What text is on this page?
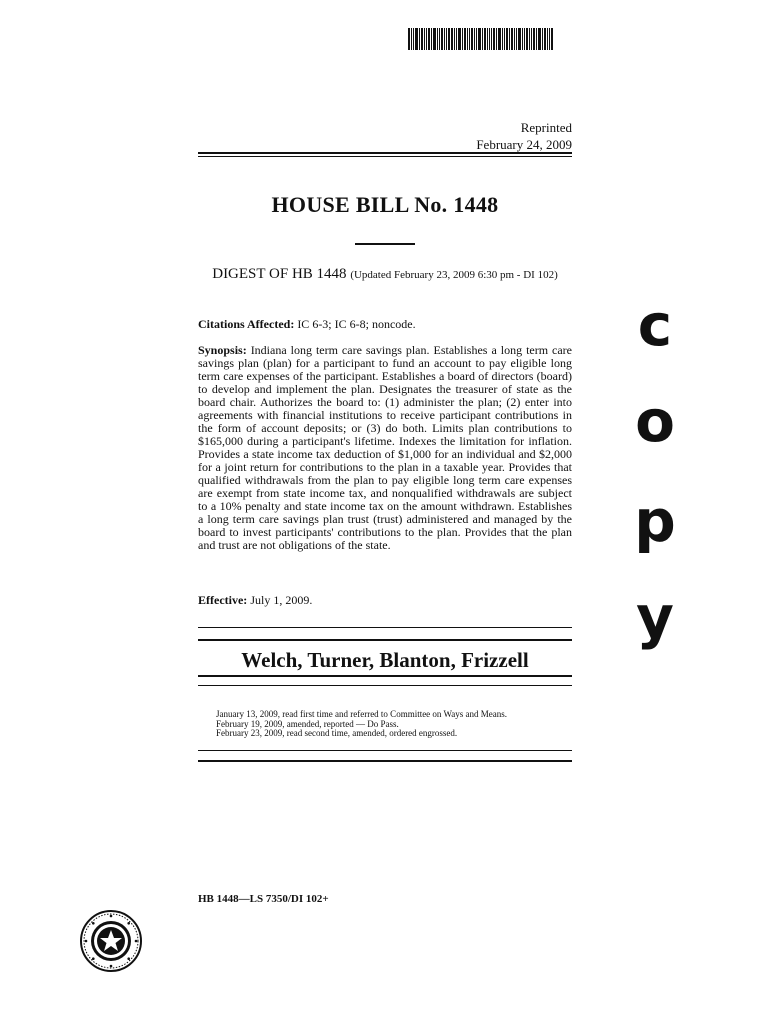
Reprinted
February 24, 2009
HOUSE BILL No. 1448
DIGEST OF HB 1448 (Updated February 23, 2009 6:30 pm - DI 102)
Citations Affected: IC 6-3; IC 6-8; noncode.
Synopsis: Indiana long term care savings plan. Establishes a long term care savings plan (plan) for a participant to fund an account to pay eligible long term care expenses of the participant. Establishes a board of directors (board) to develop and implement the plan. Designates the treasurer of state as the board chair. Authorizes the board to: (1) administer the plan; (2) enter into agreements with financial institutions to receive participant contributions in the form of account deposits; or (3) do both. Limits plan contributions to $165,000 during a participant's lifetime. Indexes the limitation for inflation. Provides a state income tax deduction of $1,000 for an individual and $2,000 for a joint return for contributions to the plan in a taxable year. Provides that qualified withdrawals from the plan to pay eligible long term care expenses are exempt from state income tax, and nonqualified withdrawals are subject to a 10% penalty and state income tax on the amount withdrawn. Establishes a long term care savings plan trust (trust) administered and managed by the board to invest participants' contributions to the plan. Provides that the plan and trust are not obligations of the state.
Effective: July 1, 2009.
Welch, Turner, Blanton, Frizzell
January 13, 2009, read first time and referred to Committee on Ways and Means.
February 19, 2009, amended, reported — Do Pass.
February 23, 2009, read second time, amended, ordered engrossed.
HB 1448—LS 7350/DI 102+
c
o
p
y
